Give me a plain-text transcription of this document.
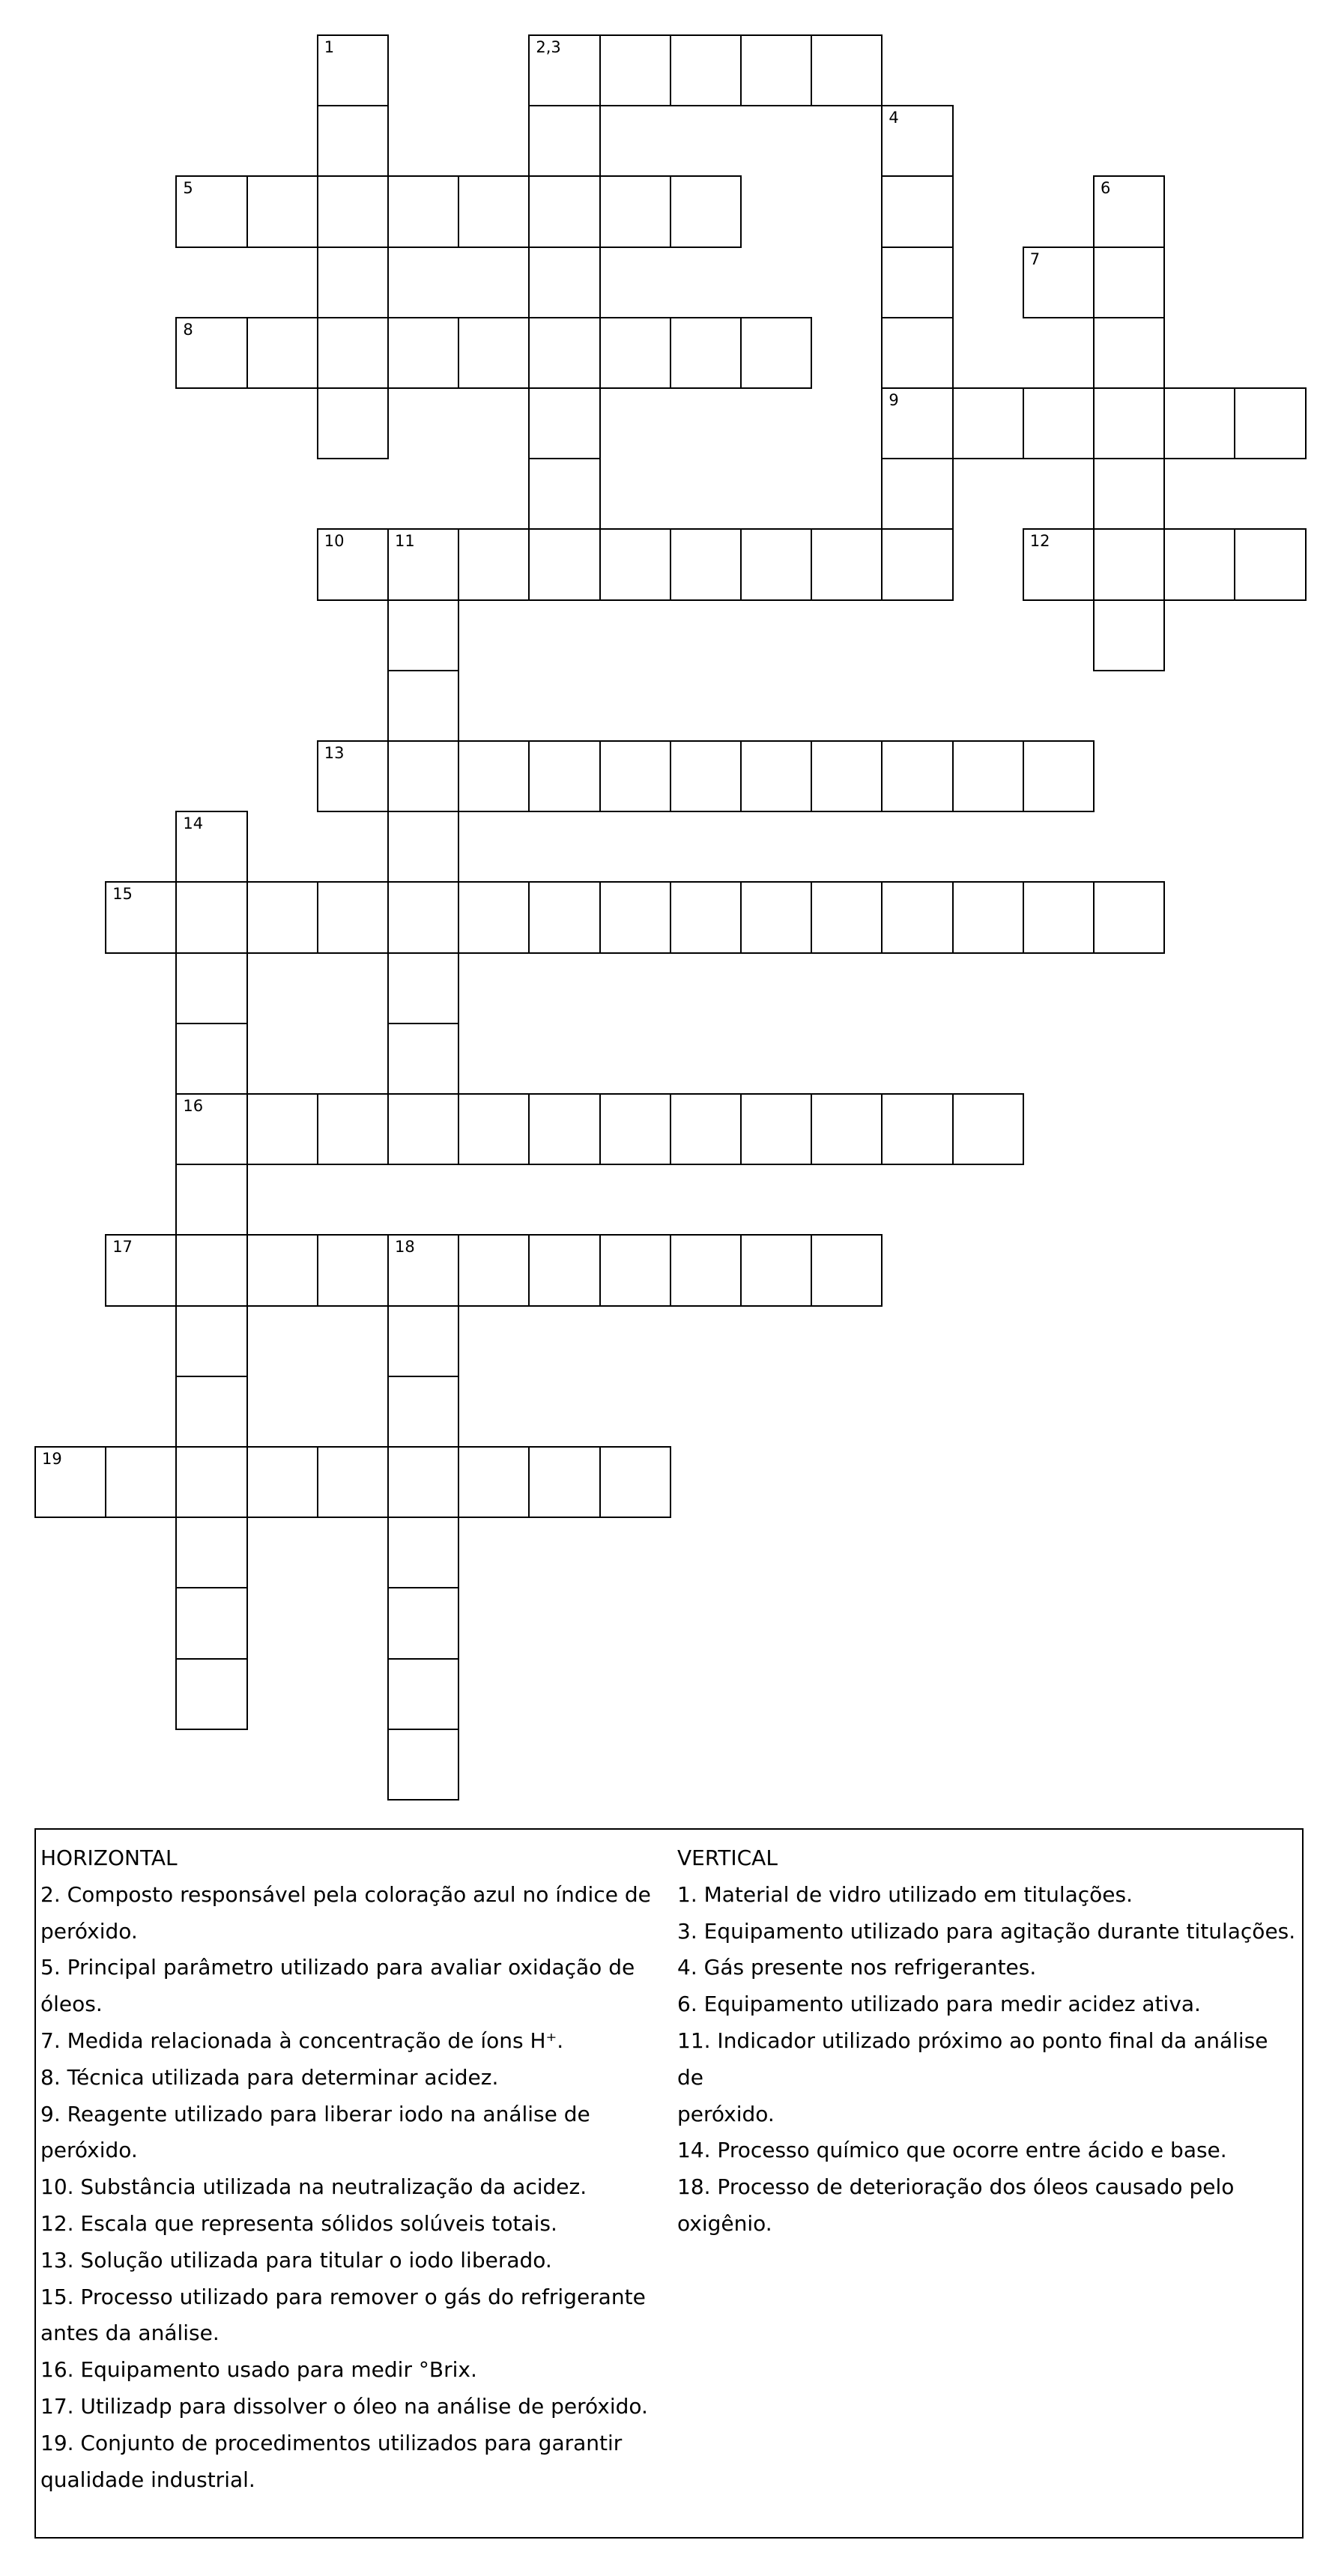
1	2,3
4
5	6
7
8
9
10	11	12
13
14
15
16
17	18
19
HORIZONTAL
2. Composto responsável pela coloração azul no índice de
peróxido.
5. Principal parâmetro utilizado para avaliar oxidação de
óleos.
7. Medida relacionada à concentração de íons H⁺.
8. Técnica utilizada para determinar acidez.
9. Reagente utilizado para liberar iodo na análise de
peróxido.
10. Substância utilizada na neutralização da acidez.
12. Escala que representa sólidos solúveis totais.
13. Solução utilizada para titular o iodo liberado.
15. Processo utilizado para remover o gás do refrigerante
antes da análise.
16. Equipamento usado para medir °Brix.
17. Utilizadp para dissolver o óleo na análise de peróxido.
19. Conjunto de procedimentos utilizados para garantir
qualidade industrial.
VERTICAL
1. Material de vidro utilizado em titulações.
3. Equipamento utilizado para agitação durante titulações.
4. Gás presente nos refrigerantes.
6. Equipamento utilizado para medir acidez ativa.
11. Indicador utilizado próximo ao ponto final da análise de
peróxido.
14. Processo químico que ocorre entre ácido e base.
18. Processo de deterioração dos óleos causado pelo
oxigênio.
